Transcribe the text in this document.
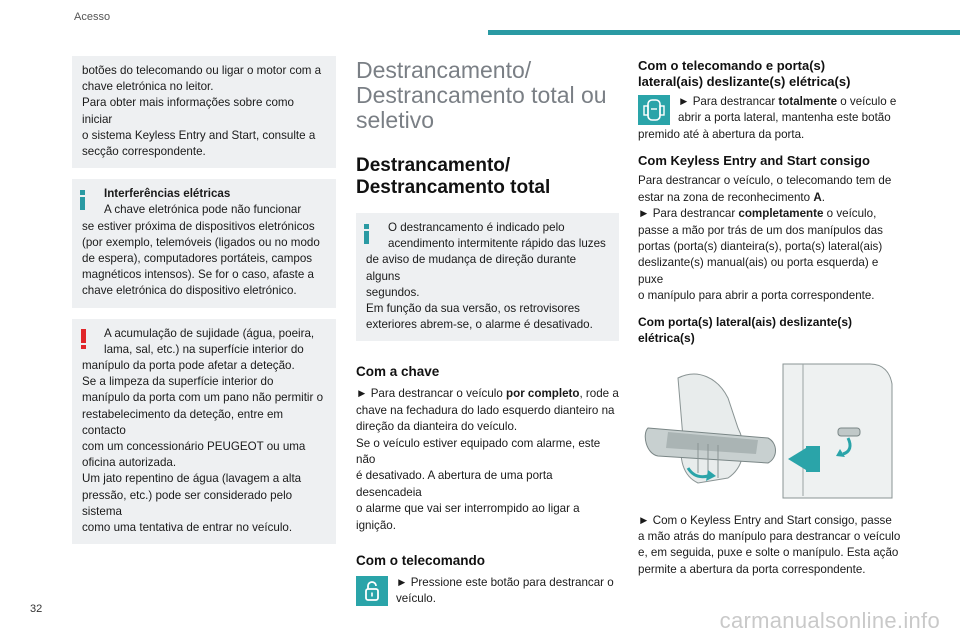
Acesso

botões do telecomando ou ligar o motor com a

chave eletrónica no leitor.

Para obter mais informações sobre como iniciar

o sistema Keyless Entry and Start, consulte a

secção correspondente.

Interferências elétricas

A chave eletrónica pode não funcionar

se estiver próxima de dispositivos eletrónicos

(por exemplo, telemóveis (ligados ou no modo

de espera), computadores portáteis, campos

magnéticos intensos). Se for o caso, afaste a

chave eletrónica do dispositivo eletrónico.

A acumulação de sujidade (água, poeira,

lama, sal, etc.) na superfície interior do

manípulo da porta pode afetar a deteção.

Se a limpeza da superfície interior do

manípulo da porta com um pano não permitir o

restabelecimento da deteção, entre em contacto

com um concessionário PEUGEOT ou uma

oficina autorizada.

Um jato repentino de água (lavagem a alta

pressão, etc.) pode ser considerado pelo sistema

como uma tentativa de entrar no veículo.

Destrancamento/
Destrancamento total ou
seletivo
Destrancamento/
Destrancamento total

O destrancamento é indicado pelo

acendimento intermitente rápido das luzes

de aviso de mudança de direção durante alguns

segundos.

Em função da sua versão, os retrovisores

exteriores abrem-se, o alarme é desativado.

Com a chave

► Para destrancar o veículo por completo, rode a

chave na fechadura do lado esquerdo dianteiro na

direção da dianteira do veículo.

Se o veículo estiver equipado com alarme, este não

é desativado. A abertura de uma porta desencadeia

o alarme que vai ser interrompido ao ligar a ignição.

Com o telecomando

► Pressione este botão para destrancar o

veículo.

Com o telecomando e porta(s)
lateral(ais) deslizante(s) elétrica(s)

► Para destrancar totalmente o veículo e

abrir a porta lateral, mantenha este botão

premido até à abertura da porta.

Com Keyless Entry and Start consigo

Para destrancar o veículo, o telecomando tem de

estar na zona de reconhecimento A.

► Para destrancar completamente o veículo,

passe a mão por trás de um dos manípulos das

portas (porta(s) dianteira(s), porta(s) lateral(ais)

deslizante(s) manual(ais) ou porta esquerda) e puxe

o manípulo para abrir a porta correspondente.

Com porta(s) lateral(ais) deslizante(s)
elétrica(s)

► Com o Keyless Entry and Start consigo, passe

a mão atrás do manípulo para destrancar o veículo

e, em seguida, puxe e solte o manípulo. Esta ação

permite a abertura da porta correspondente.

32	carmanualsonline.info
